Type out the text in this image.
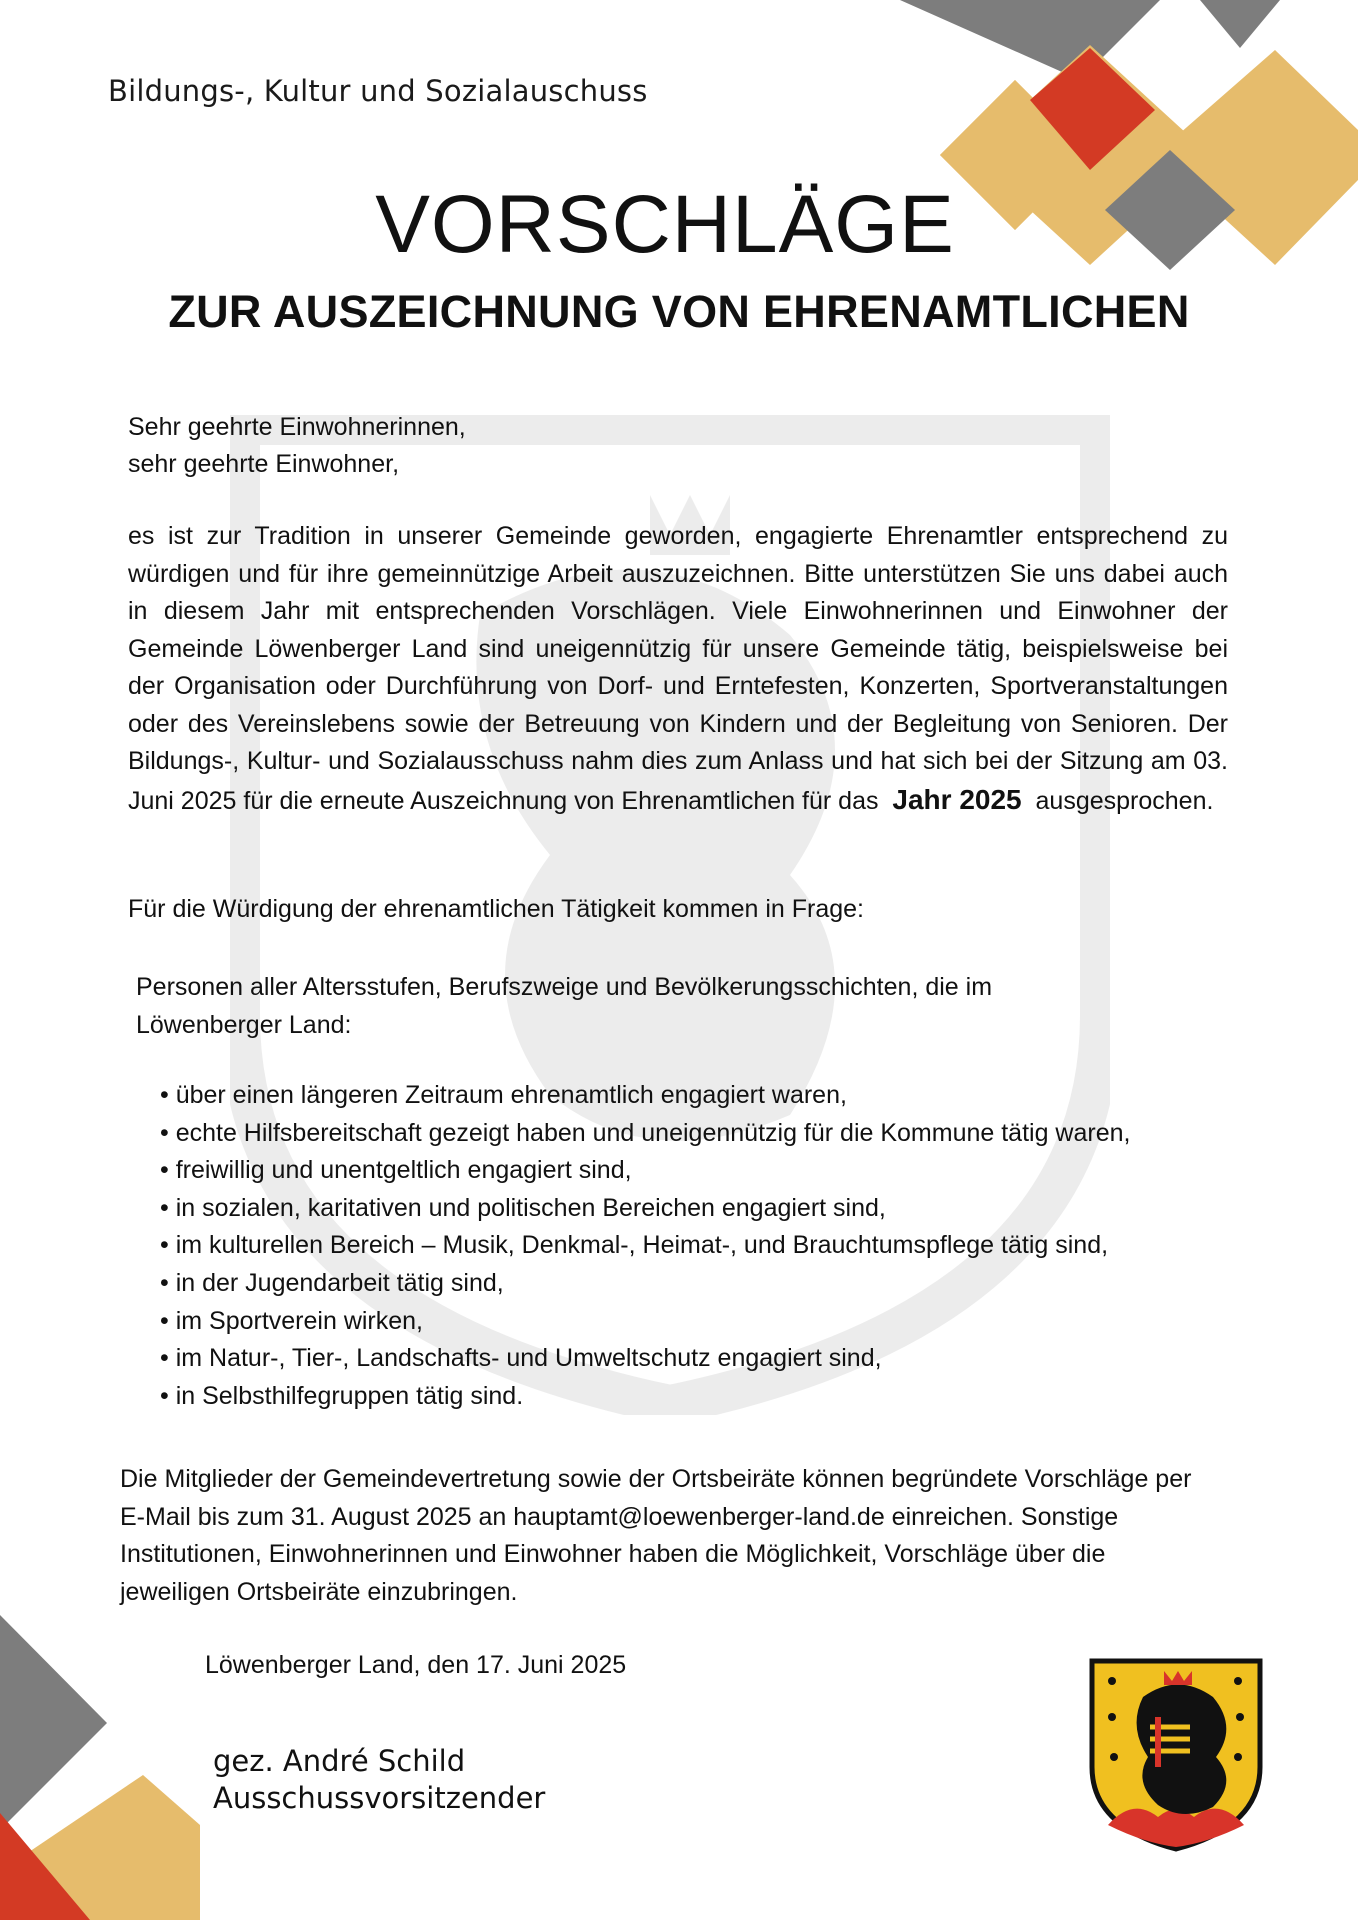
Bildungs-, Kultur und Sozialauschuss
VORSCHLÄGE
ZUR AUSZEICHNUNG VON EHRENAMTLICHEN
Sehr geehrte Einwohnerinnen,
sehr geehrte Einwohner,
es ist zur Tradition in unserer Gemeinde geworden, engagierte Ehrenamtler entsprechend zu würdigen und für ihre gemeinnützige Arbeit auszuzeichnen. Bitte unterstützen Sie uns dabei auch in diesem Jahr mit entsprechenden Vorschlägen. Viele Einwohnerinnen und Einwohner der Gemeinde Löwenberger Land sind uneigennützig für unsere Gemeinde tätig, beispielsweise bei der Organisation oder Durchführung von Dorf- und Erntefesten, Konzerten, Sportveranstaltungen oder des Vereinslebens sowie der Betreuung von Kindern und der Begleitung von Senioren. Der Bildungs-, Kultur- und Sozialausschuss nahm dies zum Anlass und hat sich bei der Sitzung am 03. Juni 2025 für die erneute Auszeichnung von Ehrenamtlichen für das Jahr 2025 ausgesprochen.
Für die Würdigung der ehrenamtlichen Tätigkeit kommen in Frage:
Personen aller Altersstufen, Berufszweige und Bevölkerungsschichten, die im
Löwenberger Land:
• über einen längeren Zeitraum ehrenamtlich engagiert waren,
• echte Hilfsbereitschaft gezeigt haben und uneigennützig für die Kommune tätig waren,
• freiwillig und unentgeltlich engagiert sind,
• in sozialen, karitativen und politischen Bereichen engagiert sind,
• im kulturellen Bereich – Musik, Denkmal-, Heimat-, und Brauchtumspflege tätig sind,
• in der Jugendarbeit tätig sind,
• im Sportverein wirken,
• im Natur-, Tier-, Landschafts- und Umweltschutz engagiert sind,
• in Selbsthilfegruppen tätig sind.
Die Mitglieder der Gemeindevertretung sowie der Ortsbeiräte können begründete Vorschläge per E-Mail bis zum 31. August 2025 an hauptamt@loewenberger-land.de einreichen. Sonstige Institutionen, Einwohnerinnen und Einwohner haben die Möglichkeit, Vorschläge über die jeweiligen Ortsbeiräte einzubringen.
Löwenberger Land, den 17. Juni 2025
gez. André Schild
Ausschussvorsitzender
